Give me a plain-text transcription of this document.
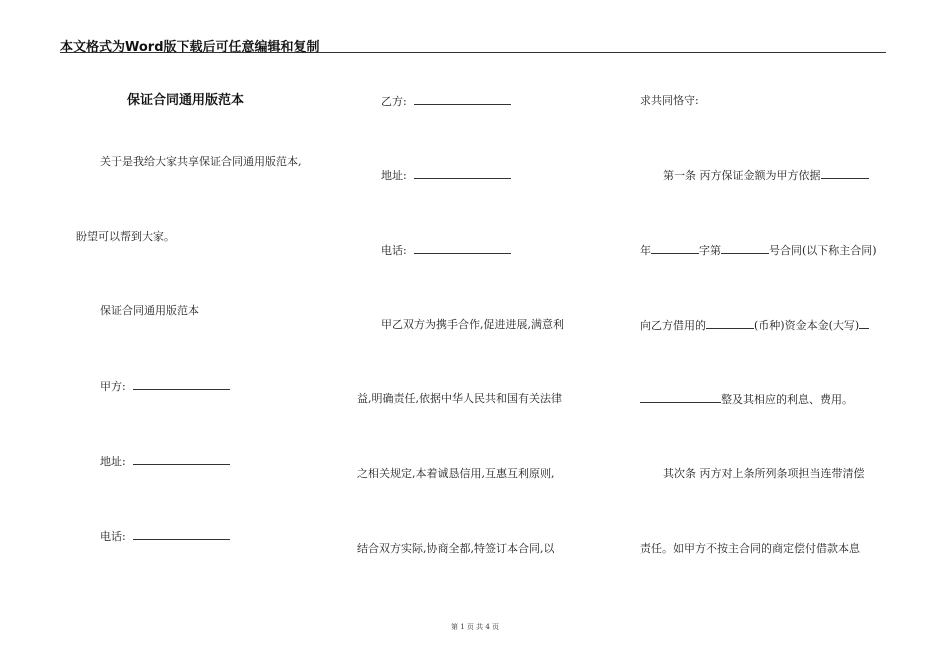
本文格式为Word版下载后可任意编辑和复制
保证合同通用版范本
关于是我给大家共享保证合同通用版范本,
盼望可以帮到大家。
保证合同通用版范本
甲方:
地址:
电话:
乙方:
地址:
电话:
甲乙双方为携手合作,促进进展,满意利
益,明确责任,依据中华人民共和国有关法律
之相关规定,本着诚恳信用,互惠互利原则,
结合双方实际,协商全都,特签订本合同,以
求共同恪守:
第一条 丙方保证金额为甲方依据
年	字第	号合同(以下称主合同)
向乙方借用的	(币种)资金本金(大写)
整及其相应的利息、费用。
其次条 丙方对上条所列条项担当连带清偿
责任。如甲方不按主合同的商定偿付借款本息
第 1 页 共 4 页
